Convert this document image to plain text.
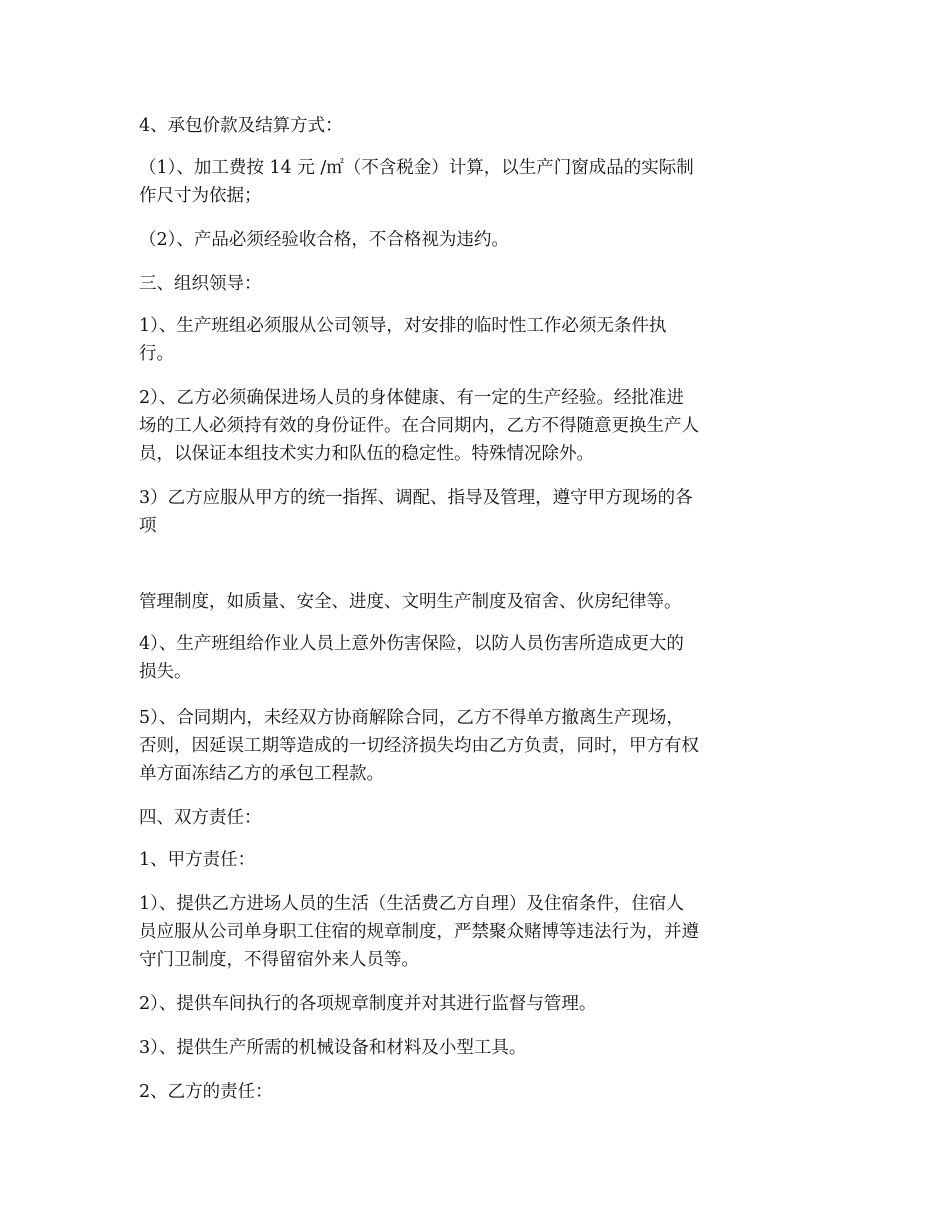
4、承包价款及结算方式：

（1）、加工费按 14 元 /㎡（不含税金）计算，以生产门窗成品的实际制
作尺寸为依据；

（2）、产品必须经验收合格，不合格视为违约。

三、组织领导：

1）、生产班组必须服从公司领导，对安排的临时性工作必须无条件执
行。

2）、乙方必须确保进场人员的身体健康、有一定的生产经验。经批准进
场的工人必须持有效的身份证件。在合同期内，乙方不得随意更换生产人
员，以保证本组技术实力和队伍的稳定性。特殊情况除外。

3）乙方应服从甲方的统一指挥、调配、指导及管理，遵守甲方现场的各
项

管理制度，如质量、安全、进度、文明生产制度及宿舍、伙房纪律等。

4）、生产班组给作业人员上意外伤害保险，以防人员伤害所造成更大的
损失。

5）、合同期内，未经双方协商解除合同，乙方不得单方撤离生产现场，
否则，因延误工期等造成的一切经济损失均由乙方负责，同时，甲方有权
单方面冻结乙方的承包工程款。

四、双方责任：

1、甲方责任：

1）、提供乙方进场人员的生活（生活费乙方自理）及住宿条件，住宿人
员应服从公司单身职工住宿的规章制度，严禁聚众赌博等违法行为，并遵
守门卫制度，不得留宿外来人员等。

2）、提供车间执行的各项规章制度并对其进行监督与管理。

3）、提供生产所需的机械设备和材料及小型工具。

2、乙方的责任：
